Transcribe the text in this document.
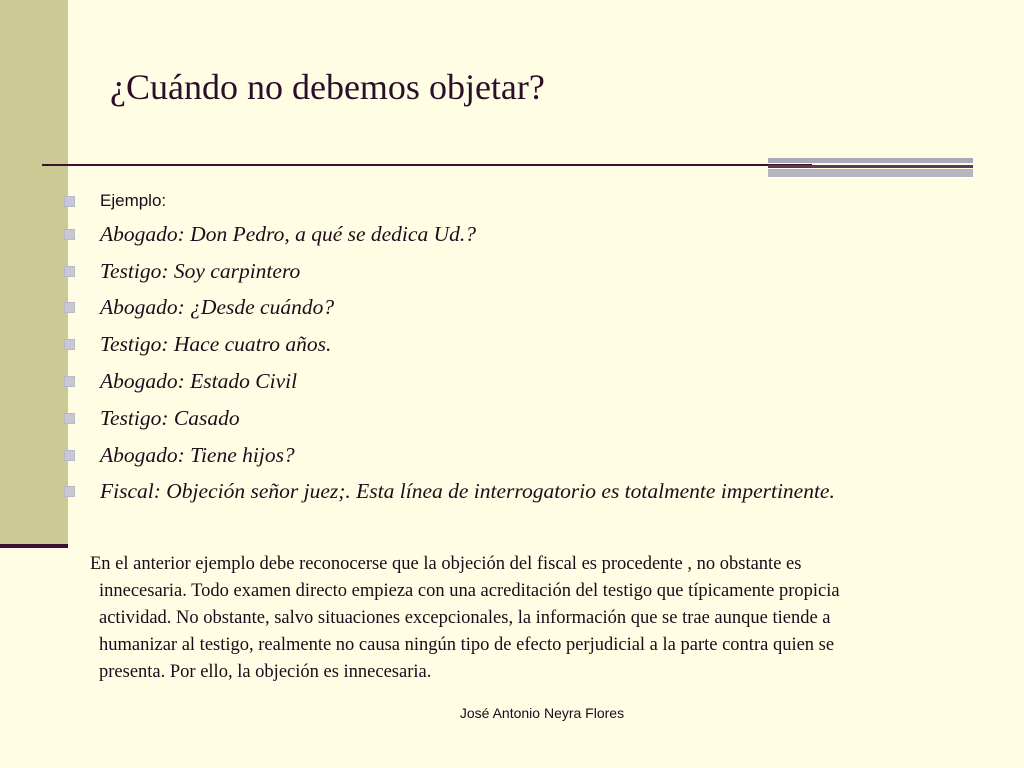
¿Cuándo no debemos objetar?
Ejemplo:
Abogado: Don Pedro, a qué se dedica Ud.?
Testigo: Soy carpintero
Abogado: ¿Desde cuándo?
Testigo: Hace cuatro años.
Abogado: Estado Civil
Testigo: Casado
Abogado: Tiene hijos?
Fiscal: Objeción señor juez;. Esta línea de interrogatorio es totalmente impertinente.

En el anterior ejemplo debe reconocerse que la objeción del fiscal es procedente , no obstante es
innecesaria. Todo examen directo empieza con una acreditación del testigo que típicamente propicia
actividad. No obstante, salvo situaciones excepcionales, la información que se trae aunque tiende a
humanizar al testigo, realmente no causa ningún tipo de efecto perjudicial a la parte contra quien se
presenta. Por ello, la objeción es innecesaria.

José Antonio Neyra Flores
